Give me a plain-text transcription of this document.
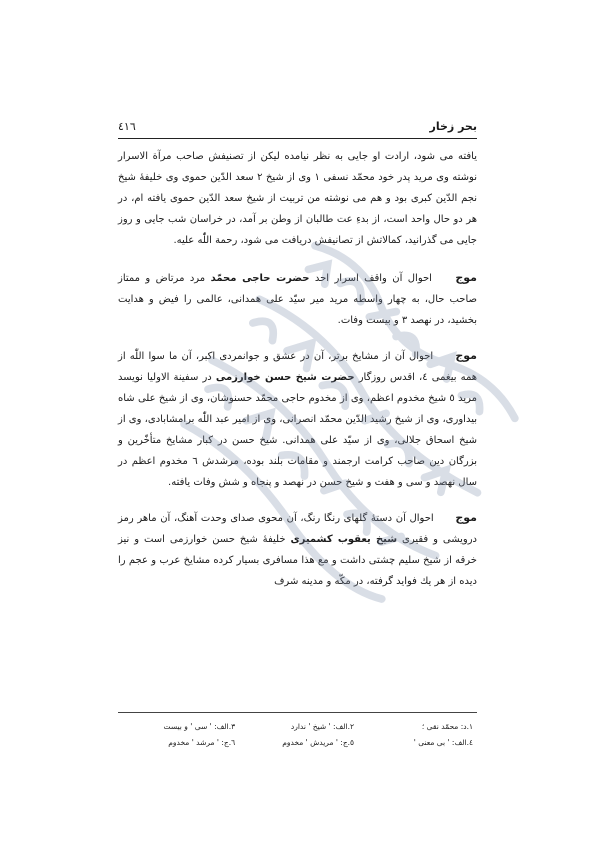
بحر زخار
٤١٦

یافته می شود، ارادت او جایی به نظر نیامده لیکن از تصنیفش صاحب مرآة الاسرار نوشته وی مرید پدر خود محمّد نسفی ١ وی از شیخ ٢ سعد الدّین حموی وی خلیفهٔ شیخ نجم الدّین کبری بود و هم می نوشته من تربیت از شیخ سعد الدّین حموی یافته ام، در هر دو حال واحد است، از بدءِ عت طالبان از وطن بر آمد، در خراسان شب جایی و روز جایی می گذرانید، کمالاتش از تصانیفش دریافت می شود، رحمة اللّٰه علیه.

موج احوال آن واقف اسرار احد حضرت حاجی محمّد مرد مرتاض و ممتاز صاحب حال، به چهار واسطه مرید میر سیّد علی همدانی، عالمی را فیض و هدایت بخشید، در نهصد ٣ و بیست وفات.

موج احوال آن از مشایخ برتر، آن در عشق و جوانمردی اکبر، آن ما سوا اللّٰه از همه بیغمی ٤، اقدس روزگار حضرت شیخ حسن خوارزمی در سفینة الاولیا نویسد مرید ٥ شیخ مخدوم اعظم، وی از مخدوم حاجی محمّد حسنوشان، وی از شیخ علی شاه بیداوری، وی از شیخ رشید الدّین محمّد انصرانی، وی از امیر عبد اللّٰه برامشابادی، وی از شیخ اسحاق جلالی، وی از سیّد علی همدانی. شیخ حسن در کبار مشایخ متأخّرین و بزرگان دین صاحب کرامت ارجمند و مقامات بلند بوده، مرشدش ٦ مخدوم اعظم در سال نهصد و سی و هفت و شیخ حسن در نهصد و پنجاه و شش وفات یافته.

موج احوال آن دستهٔ گلهای رنگا رنگ، آن محوی صدای وحدت آهنگ، آن ماهر رمز درویشی و فقیری شیخ یعقوب کشمیری خلیفهٔ شیخ حسن خوارزمی است و نیز خرقه از شیخ سلیم چشتی داشت و مع هذا مسافری بسیار کرده مشایخ عرب و عجم را دیده از هر یك فواید گرفته، در مکّه و مدینه شرف

١.د: محمّد نقی ؛
٢.الف: ' شیخ ' ندارد
٣.الف: ' سی ' و بیست
٤.الف: ' بی معنی '
٥.ج: ' مریدش ' مخدوم
٦.ج: ' مرشد ' مخدوم
